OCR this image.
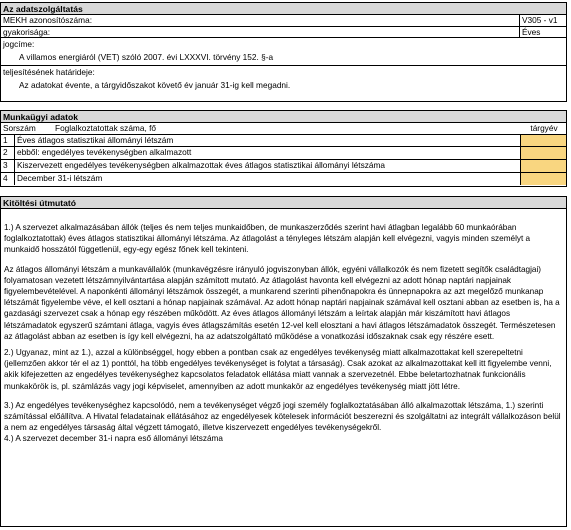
Az adatszolgáltatás
MEKH azonosítószáma:	V305 - v1
gyakorisága:	Éves
jogcíme:
A villamos energiáról (VET) szóló 2007. évi LXXXVI. törvény 152. §-a
teljesítésének határideje:
Az adatokat évente, a tárgyidőszakot követő év január 31-ig kell megadni.
Munkaügyi adatok
Sorszám	Foglalkoztatottak száma, fő	tárgyév
1	Éves átlagos statisztikai állományi létszám
2	ebből: engedélyes tevékenységben alkalmazott
3	Kiszervezett engedélyes tevékenységben alkalmazottak éves átlagos statisztikai állományi létszáma
4	December 31-i létszám
Kitöltési útmutató

1.) A szervezet alkalmazásában állók (teljes és nem teljes munkaidőben, de munkaszerződés szerint havi átlagban legalább 60 munkaórában foglalkoztatottak) éves átlagos statisztikai állományi létszáma. Az átlagolást a tényleges létszám alapján kell elvégezni, vagyis minden személyt a munkaidő hosszától függetlenül, egy-egy egész főnek kell tekinteni.

Az átlagos állományi létszám a munkavállalók (munkavégzésre irányuló jogviszonyban állók, egyéni vállalkozók és nem fizetett segítők családtagjai) folyamatosan vezetett létszámnyilvántartása alapján számított mutató. Az átlagolást havonta kell elvégezni az adott hónap naptári napjainak figyelembevételével. A naponkénti állományi létszámok összegét, a munkarend szerinti pihenőnapokra és ünnepnapokra az azt megelőző munkanap létszámát figyelembe véve, el kell osztani a hónap napjainak számával. Az adott hónap naptári napjainak számával kell osztani abban az esetben is, ha a gazdasági szervezet csak a hónap egy részében működött. Az éves átlagos állományi létszám a leírtak alapján már kiszámított havi átlagos létszámadatok egyszerű számtani átlaga, vagyis éves átlagszámítás esetén 12-vel kell elosztani a havi átlagos létszámadatok összegét. Természetesen az átlagolást abban az esetben is így kell elvégezni, ha az adatszolgáltató működése a vonatkozási időszaknak csak egy részére esett.

2.) Ugyanaz, mint az 1.), azzal a különbséggel, hogy ebben a pontban csak az engedélyes tevékenység miatt alkalmazottakat kell szerepeltetni (jellemzően akkor tér el az 1) ponttól, ha több engedélyes tevékenységet is folytat a társaság). Csak azokat az alkalmazottakat kell itt figyelembe venni, akik kifejezetten az engedélyes tevékenységhez kapcsolatos feladatok ellátása miatt vannak a szervezetnél. Ebbe beletartozhatnak funkcionális munkakörök is, pl. számlázás vagy jogi képviselet, amennyiben az adott munkakör az engedélyes tevékenység miatt jött létre.

3.) Az engedélyes tevékenységhez kapcsolódó, nem a tevékenységet végző jogi személy foglalkoztatásában álló alkalmazottak létszáma, 1.) szerinti számítással előállítva. A Hivatal feladatainak ellátásához az engedélyesek kötelesek információt beszerezni és szolgáltatni az integrált vállalkozáson belül a nem az engedélyes társaság által végzett támogató, illetve kiszervezett engedélyes tevékenységekről.

4.) A szervezet december 31-i napra eső állományi létszáma
